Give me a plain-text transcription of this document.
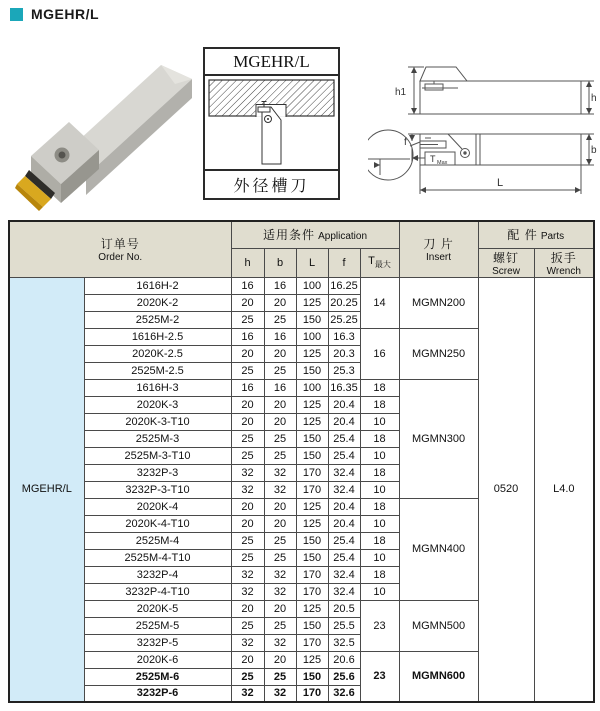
MGEHR/L
MGEHR/L
外径槽刀
h1
h
f
b
T Max
L
订单号
Order No.
	适用条件 Application	
刀 片
Insert
	配 件 Parts
h	b	L	f	$T_{最大}$	
螺钉
Screw

扳手
Wrench

MGEHR/L	1616H-2	16	16	100	16.25	14	MGMN200	0520	L4.0
	2020K-2	20	20	125	20.25				
	2525M-2	25	25	150	25.25				
	1616H-2.5	16	16	100	16.3	16	MGMN250		
	2020K-2.5	20	20	125	20.3				
	2525M-2.5	25	25	150	25.3				
	1616H-3	16	16	100	16.35	18	MGMN300		
	2020K-3	20	20	125	20.4	18			
	2020K-3-T10	20	20	125	20.4	10			
	2525M-3	25	25	150	25.4	18			
	2525M-3-T10	25	25	150	25.4	10			
	3232P-3	32	32	170	32.4	18			
	3232P-3-T10	32	32	170	32.4	10			
	2020K-4	20	20	125	20.4	18	MGMN400		
	2020K-4-T10	20	20	125	20.4	10			
	2525M-4	25	25	150	25.4	18			
	2525M-4-T10	25	25	150	25.4	10			
	3232P-4	32	32	170	32.4	18			
	3232P-4-T10	32	32	170	32.4	10			
	2020K-5	20	20	125	20.5	23	MGMN500		
	2525M-5	25	25	150	25.5				
	3232P-5	32	32	170	32.5				
	2020K-6	20	20	125	20.6	23	MGMN600		
	2525M-6	25	25	150	25.6				
	3232P-6	32	32	170	32.6				
